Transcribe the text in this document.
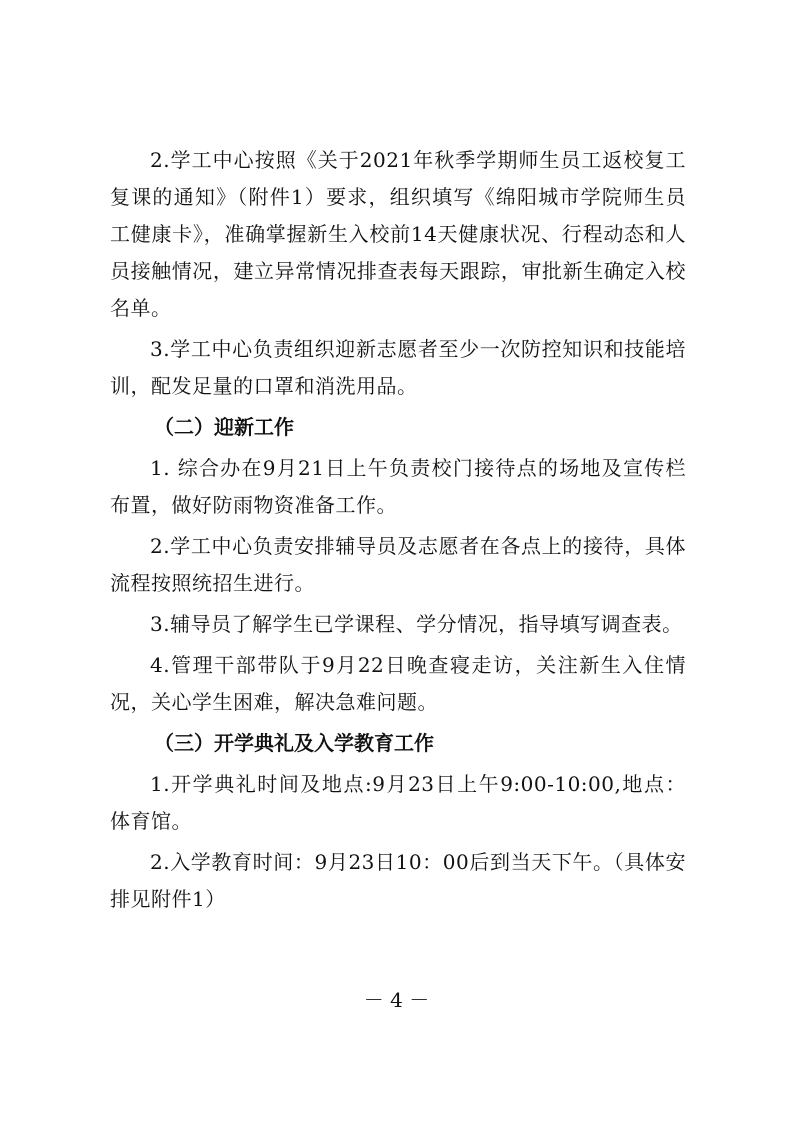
2.学工中心按照《关于2021年秋季学期师生员工返校复工复课的通知》（附件1）要求，组织填写《绵阳城市学院师生员工健康卡》，准确掌握新生入校前14天健康状况、行程动态和人员接触情况，建立异常情况排查表每天跟踪，审批新生确定入校名单。

3.学工中心负责组织迎新志愿者至少一次防控知识和技能培训，配发足量的口罩和消洗用品。

（二）迎新工作

1. 综合办在9月21日上午负责校门接待点的场地及宣传栏布置，做好防雨物资准备工作。

2.学工中心负责安排辅导员及志愿者在各点上的接待，具体流程按照统招生进行。

3.辅导员了解学生已学课程、学分情况，指导填写调查表。

4.管理干部带队于9月22日晚查寝走访，关注新生入住情况，关心学生困难，解决急难问题。

（三）开学典礼及入学教育工作

1.开学典礼时间及地点:9月23日上午9:00-10:00,地点：体育馆。

2.入学教育时间：9月23日10：00后到当天下午。（具体安排见附件1）

－ 4 －
